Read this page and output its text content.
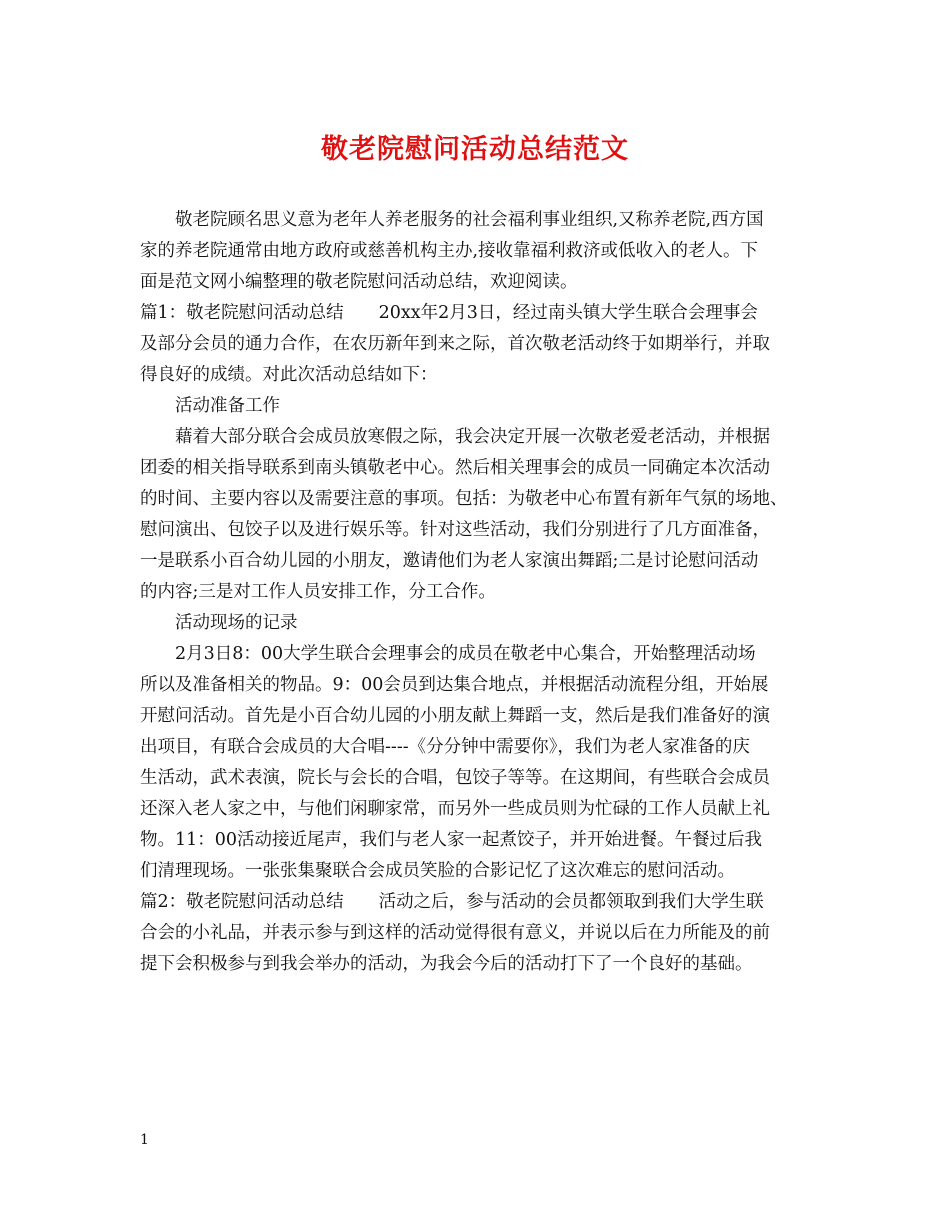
敬老院慰问活动总结范文
敬老院顾名思义意为老年人养老服务的社会福利事业组织,又称养老院,西方国
家的养老院通常由地方政府或慈善机构主办,接收靠福利救济或低收入的老人。下
面是范文网小编整理的敬老院慰问活动总结，欢迎阅读。
篇1：敬老院慰问活动总结　　20xx年2月3日，经过南头镇大学生联合会理事会
及部分会员的通力合作，在农历新年到来之际，首次敬老活动终于如期举行，并取
得良好的成绩。对此次活动总结如下：
活动准备工作
藉着大部分联合会成员放寒假之际，我会决定开展一次敬老爱老活动，并根据
团委的相关指导联系到南头镇敬老中心。然后相关理事会的成员一同确定本次活动
的时间、主要内容以及需要注意的事项。包括：为敬老中心布置有新年气氛的场地、
慰问演出、包饺子以及进行娱乐等。针对这些活动，我们分别进行了几方面准备，
一是联系小百合幼儿园的小朋友，邀请他们为老人家演出舞蹈;二是讨论慰问活动
的内容;三是对工作人员安排工作，分工合作。
活动现场的记录
2月3日8：00大学生联合会理事会的成员在敬老中心集合，开始整理活动场
所以及准备相关的物品。9：00会员到达集合地点，并根据活动流程分组，开始展
开慰问活动。首先是小百合幼儿园的小朋友献上舞蹈一支，然后是我们准备好的演
出项目，有联合会成员的大合唱----《分分钟中需要你》，我们为老人家准备的庆
生活动，武术表演，院长与会长的合唱，包饺子等等。在这期间，有些联合会成员
还深入老人家之中，与他们闲聊家常，而另外一些成员则为忙碌的工作人员献上礼
物。11：00活动接近尾声，我们与老人家一起煮饺子，并开始进餐。午餐过后我
们清理现场。一张张集聚联合会成员笑脸的合影记忆了这次难忘的慰问活动。
篇2：敬老院慰问活动总结　　活动之后，参与活动的会员都领取到我们大学生联
合会的小礼品，并表示参与到这样的活动觉得很有意义，并说以后在力所能及的前
提下会积极参与到我会举办的活动，为我会今后的活动打下了一个良好的基础。
1
